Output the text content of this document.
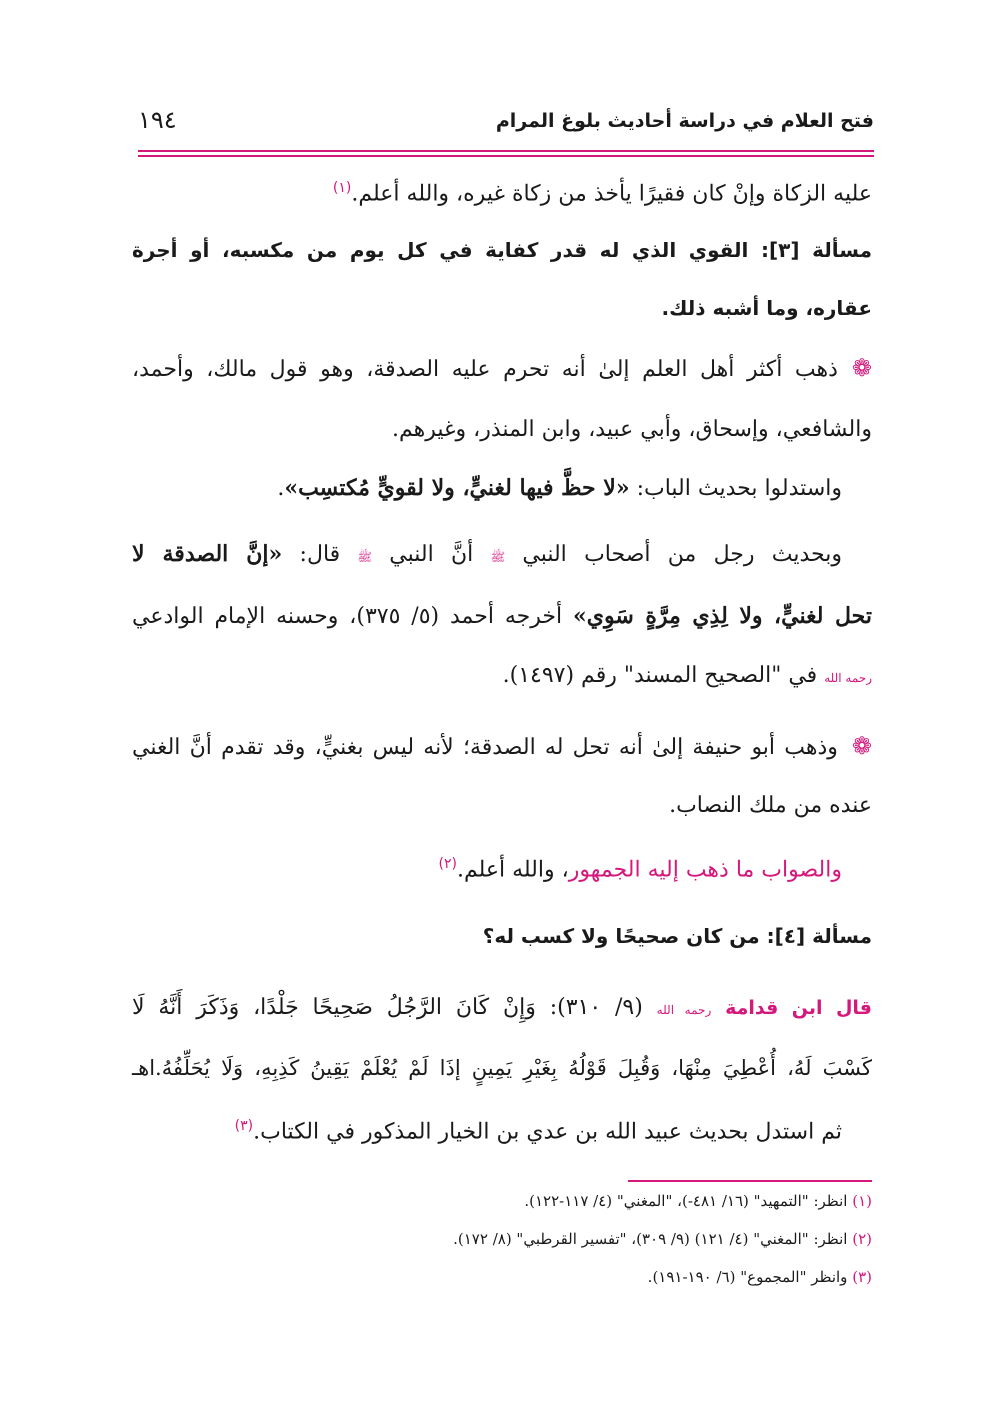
فتح العلام في دراسة أحاديث بلوغ المرام
١٩٤
عليه الزكاة وإنْ كان فقيرًا يأخذ من زكاة غيره، والله أعلم.$^{(١)}$
مسألة [٣]: القوي الذي له قدر كفاية في كل يوم من مكسبه، أو أجرة
عقاره، وما أشبه ذلك.
❁ذهب أكثر أهل العلم إلىٰ أنه تحرم عليه الصدقة، وهو قول مالك، وأحمد،
والشافعي، وإسحاق، وأبي عبيد، وابن المنذر، وغيرهم.
واستدلوا بحديث الباب: «لا حظَّ فيها لغنيٍّ، ولا لقويٍّ مُكتسِب».
وبحديث رجل من أصحاب النبي ﷺ أنَّ النبي ﷺ قال: «إنَّ الصدقة لا
تحل لغنيٍّ، ولا لِذِي مِرَّةٍ سَوِي» أخرجه أحمد (٥/ ٣٧٥)، وحسنه الإمام الوادعي
رحمه الله في "الصحيح المسند" رقم (١٤٩٧).
❁وذهب أبو حنيفة إلىٰ أنه تحل له الصدقة؛ لأنه ليس بغنيٍّ، وقد تقدم أنَّ الغني
عنده من ملك النصاب.
والصواب ما ذهب إليه الجمهور، والله أعلم.$^{(٢)}$
مسألة [٤]: من كان صحيحًا ولا كسب له؟
قال ابن قدامة رحمه الله (٩/ ٣١٠): وَإِنْ كَانَ الرَّجُلُ صَحِيحًا جَلْدًا، وَذَكَرَ أَنَّهُ لَا
كَسْبَ لَهُ، أُعْطِيَ مِنْهَا، وَقُبِلَ قَوْلُهُ بِغَيْرِ يَمِينٍ إذَا لَمْ يُعْلَمْ يَقِينُ كَذِبِهِ، وَلَا يُحَلِّفُهُ.اهـ
ثم استدل بحديث عبيد الله بن عدي بن الخيار المذكور في الكتاب.$^{(٣)}$
(١) انظر: "التمهيد" (١٦/ ٤٨١-)، "المغني" (٤/ ١١٧-١٢٢).
(٢) انظر: "المغني" (٤/ ١٢١) (٩/ ٣٠٩)، "تفسير القرطبي" (٨/ ١٧٢).
(٣) وانظر "المجموع" (٦/ ١٩٠-١٩١).
